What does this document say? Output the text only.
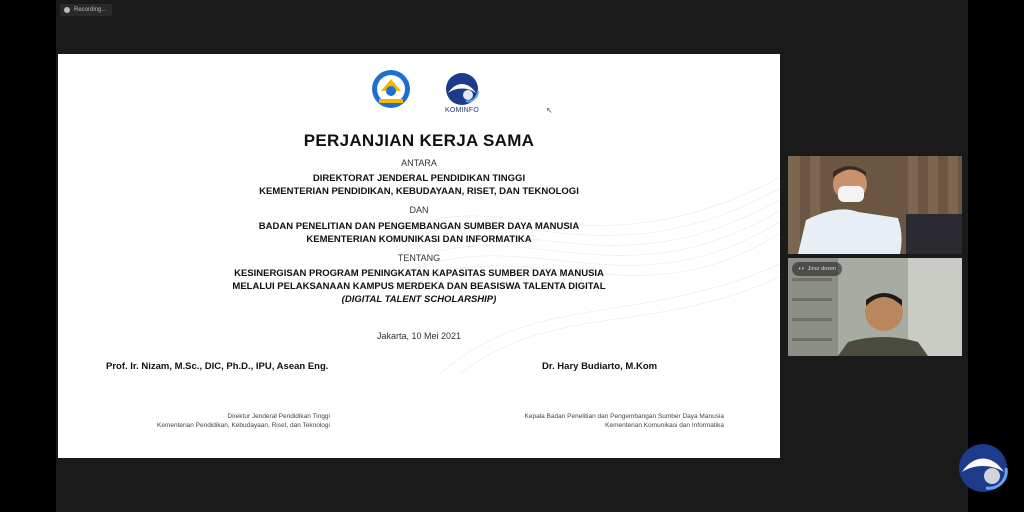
Recording...
KOMINFO	↖
PERJANJIAN KERJA SAMA
ANTARA
DIREKTORAT JENDERAL PENDIDIKAN TINGGI
KEMENTERIAN PENDIDIKAN, KEBUDAYAAN, RISET, DAN TEKNOLOGI
DAN
BADAN PENELITIAN DAN PENGEMBANGAN SUMBER DAYA MANUSIA
KEMENTERIAN KOMUNIKASI DAN INFORMATIKA
TENTANG
KESINERGISAN PROGRAM PENINGKATAN KAPASITAS SUMBER DAYA MANUSIA
MELALUI PELAKSANAAN KAMPUS MERDEKA DAN BEASISWA TALENTA DIGITAL
(DIGITAL TALENT SCHOLARSHIP)
Jakarta, 10 Mei 2021
Prof. Ir. Nizam, M.Sc., DIC, Ph.D., IPU, Asean Eng.	Dr. Hary Budiarto, M.Kom
Direktur Jenderal Pendidikan Tinggi
Kementerian Pendidikan, Kebudayaan, Riset, dan Teknologi
Kepala Badan Penelitian dan Pengembangan Sumber Daya Manusia
Kementerian Komunikasi dan Informatika
◖◗ Jinur dozen
